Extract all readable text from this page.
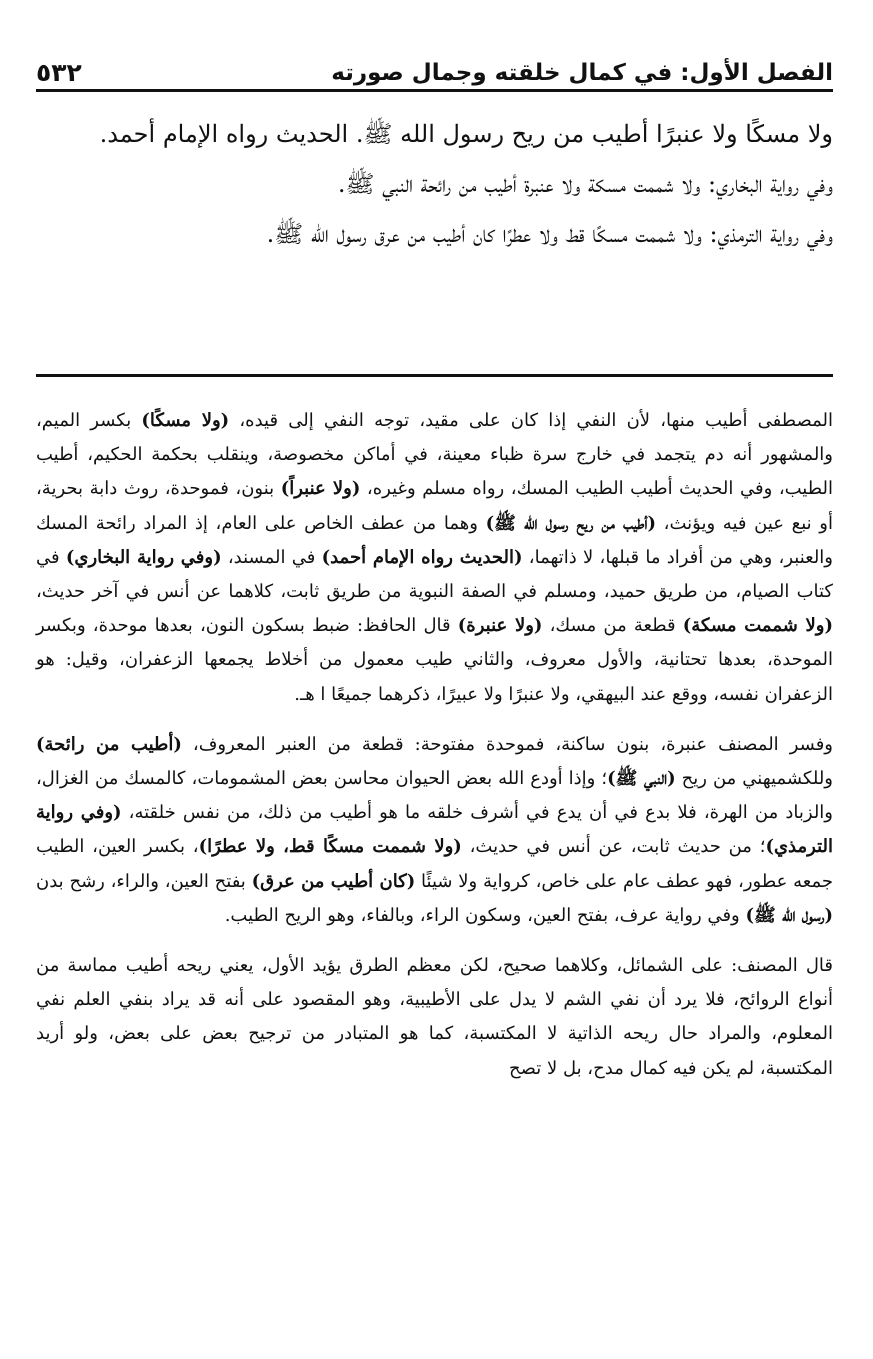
الفصل الأول: في كمال خلقته وجمال صورته
٥٣٢

ولا مسكًا ولا عنبرًا أطيب من ريح رسول الله ﷺ. الحديث رواه الإمام أحمد.

وفي رواية البخاري: ولا شممت مسكة ولا عنبرة أطيب من رائحة النبي ﷺ.

وفي رواية الترمذي: ولا شممت مسكًا قط ولا عطرًا كان أطيب من عرق رسول الله ﷺ.

المصطفى أطيب منها، لأن النفي إذا كان على مقيد، توجه النفي إلى قيده، (ولا مسكًا) بكسر الميم، والمشهور أنه دم يتجمد في خارج سرة ظباء معينة، في أماكن مخصوصة، وينقلب بحكمة الحكيم، أطيب الطيب، وفي الحديث أطيب الطيب المسك، رواه مسلم وغيره، (ولا عنبراً) بنون، فموحدة، روث دابة بحرية، أو نبع عين فيه ويؤنث، (أطيب من ريح رسول الله ﷺ) وهما من عطف الخاص على العام، إذ المراد رائحة المسك والعنبر، وهي من أفراد ما قبلها، لا ذاتهما، (الحديث رواه الإمام أحمد) في المسند، (وفي رواية البخاري) في كتاب الصيام، من طريق حميد، ومسلم في الصفة النبوية من طريق ثابت، كلاهما عن أنس في آخر حديث، (ولا شممت مسكة) قطعة من مسك، (ولا عنبرة) قال الحافظ: ضبط بسكون النون، بعدها موحدة، وبكسر الموحدة، بعدها تحتانية، والأول معروف، والثاني طيب معمول من أخلاط يجمعها الزعفران، وقيل: هو الزعفران نفسه، ووقع عند البيهقي، ولا عنبرًا ولا عبيرًا، ذكرهما جميعًا ا هـ.

وفسر المصنف عنبرة، بنون ساكنة، فموحدة مفتوحة: قطعة من العنبر المعروف، (أطيب من رائحة) وللكشميهني من ريح (النبي ﷺ)؛ وإذا أودع الله بعض الحيوان محاسن بعض المشمومات، كالمسك من الغزال، والزباد من الهرة، فلا بدع في أن يدع في أشرف خلقه ما هو أطيب من ذلك، من نفس خلقته، (وفي رواية الترمذي)؛ من حديث ثابت، عن أنس في حديث، (ولا شممت مسكًا قط، ولا عطرًا)، بكسر العين، الطيب جمعه عطور، فهو عطف عام على خاص، كرواية ولا شيئًا (كان أطيب من عرق) بفتح العين، والراء، رشح بدن (رسول الله ﷺ) وفي رواية عرف، بفتح العين، وسكون الراء، وبالفاء، وهو الريح الطيب.

قال المصنف: على الشمائل، وكلاهما صحيح، لكن معظم الطرق يؤيد الأول، يعني ريحه أطيب مماسة من أنواع الروائح، فلا يرد أن نفي الشم لا يدل على الأطيبية، وهو المقصود على أنه قد يراد بنفي العلم نفي المعلوم، والمراد حال ريحه الذاتية لا المكتسبة، كما هو المتبادر من ترجيح بعض على بعض، ولو أريد المكتسبة، لم يكن فيه كمال مدح، بل لا تصح
